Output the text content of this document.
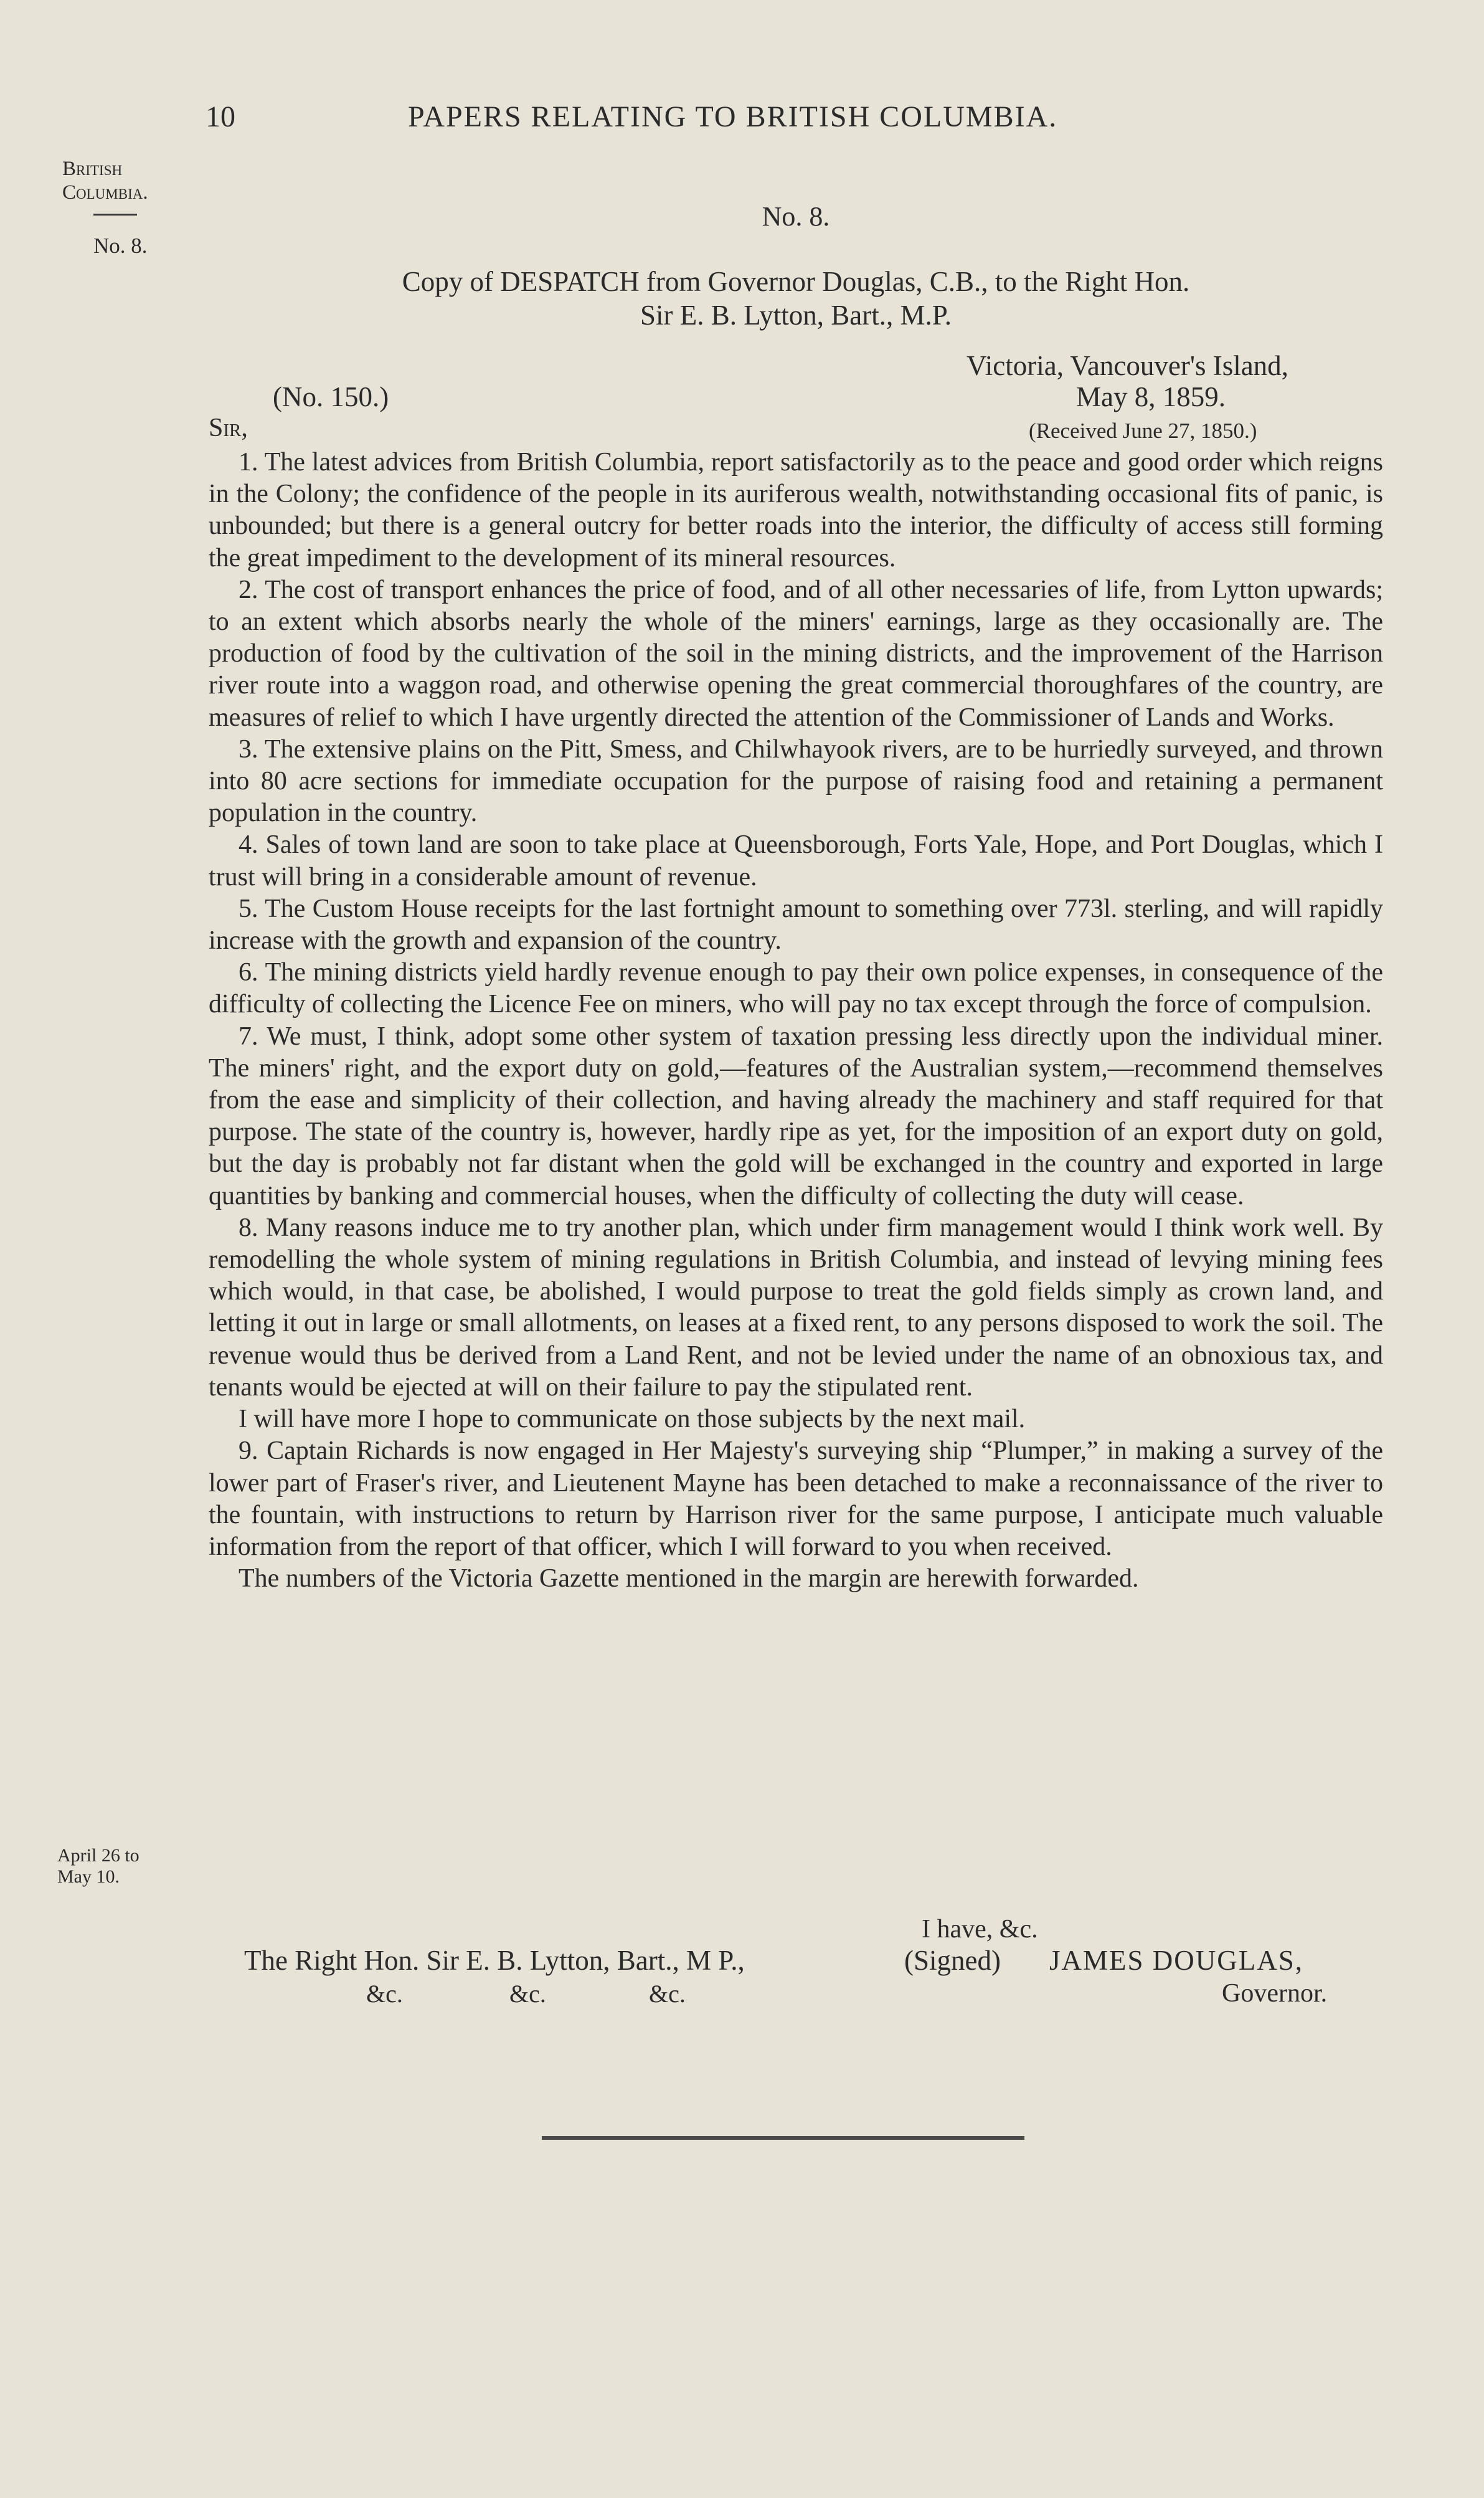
10	PAPERS RELATING TO BRITISH COLUMBIA.
British
Columbia.
No. 8.
April 26 to
May 10.
No. 8.
Copy of DESPATCH from Governor Douglas, C.B., to the Right Hon.
Sir E. B. Lytton, Bart., M.P.
Victoria, Vancouver's Island,
(No. 150.)	May 8, 1859.
Sir,	(Received June 27, 1850.)

1. The latest advices from British Columbia, report satisfactorily as to the peace and good order which reigns in the Colony; the confidence of the people in its auriferous wealth, notwithstanding occasional fits of panic, is unbounded; but there is a general outcry for better roads into the interior, the difficulty of access still forming the great impediment to the development of its mineral resources.

2. The cost of transport enhances the price of food, and of all other necessaries of life, from Lytton upwards; to an extent which absorbs nearly the whole of the miners' earnings, large as they occasionally are. The production of food by the cultivation of the soil in the mining districts, and the improvement of the Harrison river route into a waggon road, and otherwise opening the great commercial thoroughfares of the country, are measures of relief to which I have urgently directed the attention of the Commissioner of Lands and Works.

3. The extensive plains on the Pitt, Smess, and Chilwhayook rivers, are to be hurriedly surveyed, and thrown into 80 acre sections for immediate occupation for the purpose of raising food and retaining a permanent population in the country.

4. Sales of town land are soon to take place at Queensborough, Forts Yale, Hope, and Port Douglas, which I trust will bring in a considerable amount of revenue.

5. The Custom House receipts for the last fortnight amount to something over 773l. sterling, and will rapidly increase with the growth and expansion of the country.

6. The mining districts yield hardly revenue enough to pay their own police expenses, in consequence of the difficulty of collecting the Licence Fee on miners, who will pay no tax except through the force of compulsion.

7. We must, I think, adopt some other system of taxation pressing less directly upon the individual miner. The miners' right, and the export duty on gold,—features of the Australian system,—recommend themselves from the ease and simplicity of their collection, and having already the machinery and staff required for that purpose. The state of the country is, however, hardly ripe as yet, for the imposition of an export duty on gold, but the day is probably not far distant when the gold will be exchanged in the country and exported in large quantities by banking and commercial houses, when the difficulty of collecting the duty will cease.

8. Many reasons induce me to try another plan, which under firm management would I think work well. By remodelling the whole system of mining regulations in British Columbia, and instead of levying mining fees which would, in that case, be abolished, I would purpose to treat the gold fields simply as crown land, and letting it out in large or small allotments, on leases at a fixed rent, to any persons disposed to work the soil. The revenue would thus be derived from a Land Rent, and not be levied under the name of an obnoxious tax, and tenants would be ejected at will on their failure to pay the stipulated rent.

I will have more I hope to communicate on those subjects by the next mail.

9. Captain Richards is now engaged in Her Majesty's surveying ship “Plumper,” in making a survey of the lower part of Fraser's river, and Lieutenent Mayne has been detached to make a reconnaissance of the river to the fountain, with instructions to return by Harrison river for the same purpose, I anticipate much valuable information from the report of that officer, which I will forward to you when received.

The numbers of the Victoria Gazette mentioned in the margin are herewith forwarded.

I have, &c.
The Right Hon. Sir E. B. Lytton, Bart., M P.,	(Signed) JAMES DOUGLAS,
&c.	&c.	&c.	Governor.
